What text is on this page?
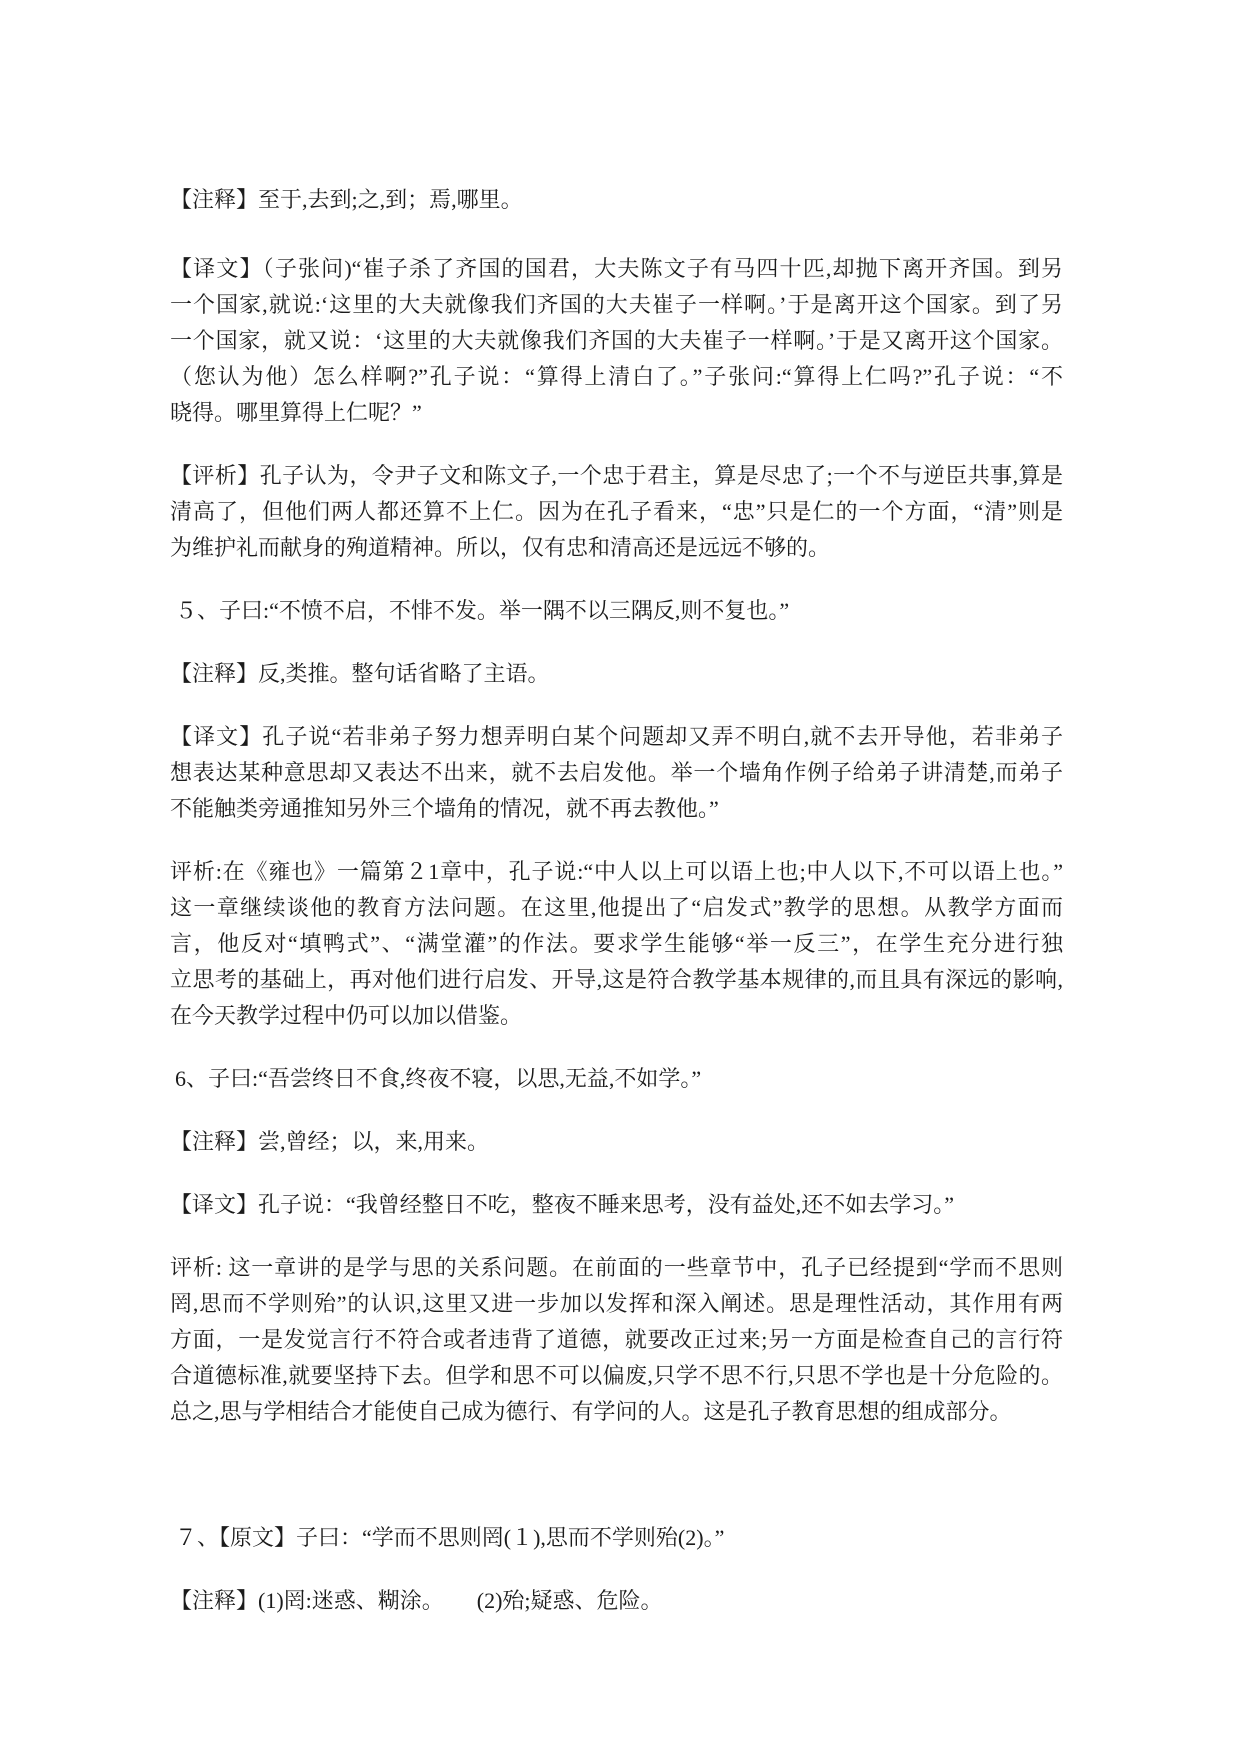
【注释】至于,去到;之,到；焉,哪里。
【译文】（子张问)“崔子杀了齐国的国君，大夫陈文子有马四十匹,却抛下离开齐国。到另
一个国家,就说:‘这里的大夫就像我们齐国的大夫崔子一样啊。’于是离开这个国家。到了另
一个国家，就又说：‘这里的大夫就像我们齐国的大夫崔子一样啊。’于是又离开这个国家。
（您认为他）怎么样啊?”孔子说：“算得上清白了。”子张问:“算得上仁吗?”孔子说：“不
晓得。哪里算得上仁呢？”
【评析】孔子认为，令尹子文和陈文子,一个忠于君主，算是尽忠了;一个不与逆臣共事,算是
清高了，但他们两人都还算不上仁。因为在孔子看来，“忠”只是仁的一个方面，“清”则是
为维护礼而献身的殉道精神。所以，仅有忠和清高还是远远不够的。
５、子曰:“不愤不启，不悱不发。举一隅不以三隅反,则不复也。”
【注释】反,类推。整句话省略了主语。
【译文】孔子说“若非弟子努力想弄明白某个问题却又弄不明白,就不去开导他，若非弟子
想表达某种意思却又表达不出来，就不去启发他。举一个墙角作例子给弟子讲清楚,而弟子
不能触类旁通推知另外三个墙角的情况，就不再去教他。”
评析:在《雍也》一篇第２1章中，孔子说:“中人以上可以语上也;中人以下,不可以语上也。”
这一章继续谈他的教育方法问题。在这里,他提出了“启发式”教学的思想。从教学方面而
言，他反对“填鸭式”、“满堂灌”的作法。要求学生能够“举一反三”，在学生充分进行独
立思考的基础上，再对他们进行启发、开导,这是符合教学基本规律的,而且具有深远的影响,
在今天教学过程中仍可以加以借鉴。
6、子曰:“吾尝终日不食,终夜不寝，以思,无益,不如学。”
【注释】尝,曾经；以，来,用来。
【译文】孔子说：“我曾经整日不吃，整夜不睡来思考，没有益处,还不如去学习。”
评析: 这一章讲的是学与思的关系问题。在前面的一些章节中，孔子已经提到“学而不思则
罔,思而不学则殆”的认识,这里又进一步加以发挥和深入阐述。思是理性活动，其作用有两
方面，一是发觉言行不符合或者违背了道德，就要改正过来;另一方面是检查自己的言行符
合道德标准,就要坚持下去。但学和思不可以偏废,只学不思不行,只思不学也是十分危险的。
总之,思与学相结合才能使自己成为德行、有学问的人。这是孔子教育思想的组成部分。
７、【原文】子曰：“学而不思则罔(１),思而不学则殆(2)。”
【注释】(1)罔:迷惑、糊涂。　　(2)殆;疑惑、危险。
